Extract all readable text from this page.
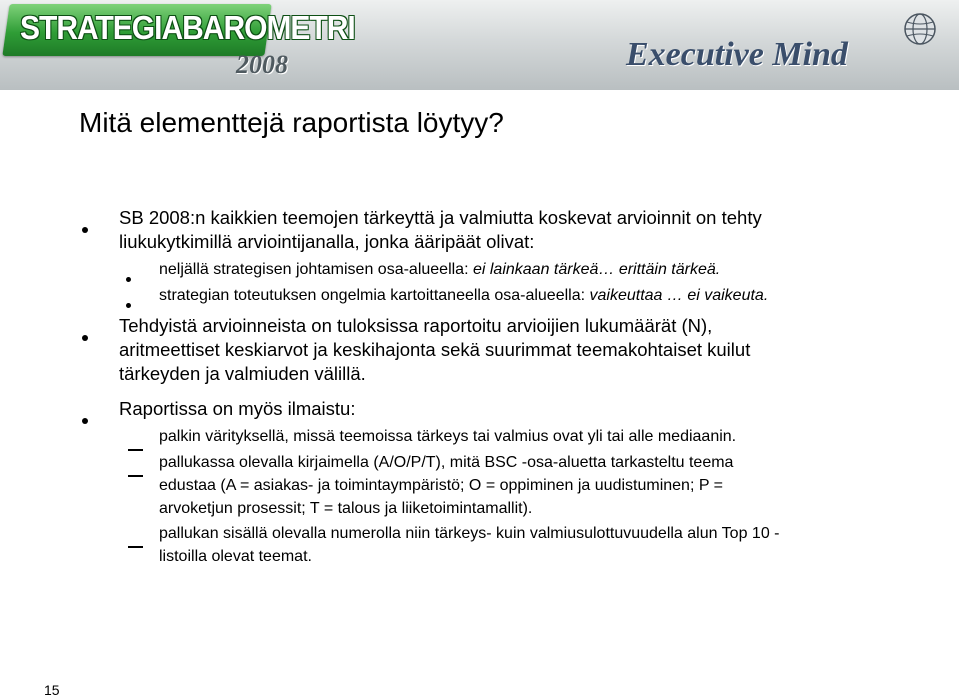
STRATEGIABAROMETRI
2008	Executive Mind
Mitä elementtejä raportista löytyy?
SB 2008:n kaikkien teemojen tärkeyttä ja valmiutta koskevat arvioinnit on tehty
liukukytkimillä arviointijanalla, jonka ääripäät olivat:
neljällä strategisen johtamisen osa-alueella: ei lainkaan tärkeä… erittäin tärkeä.
strategian toteutuksen ongelmia kartoittaneella osa-alueella: vaikeuttaa … ei vaikeuta.
Tehdyistä arvioinneista on tuloksissa raportoitu arvioijien lukumäärät (N),
aritmeettiset keskiarvot ja keskihajonta sekä suurimmat teemakohtaiset kuilut
tärkeyden ja valmiuden välillä.
Raportissa on myös ilmaistu:
palkin värityksellä, missä teemoissa tärkeys tai valmius ovat yli tai alle mediaanin.
pallukassa olevalla kirjaimella (A/O/P/T), mitä BSC -osa-aluetta tarkasteltu teema
edustaa (A = asiakas- ja toimintaympäristö; O = oppiminen ja uudistuminen; P =
arvoketjun prosessit; T = talous ja liiketoimintamallit).
pallukan sisällä olevalla numerolla niin tärkeys- kuin valmiusulottuvuudella alun Top 10 -
listoilla olevat teemat.
15
